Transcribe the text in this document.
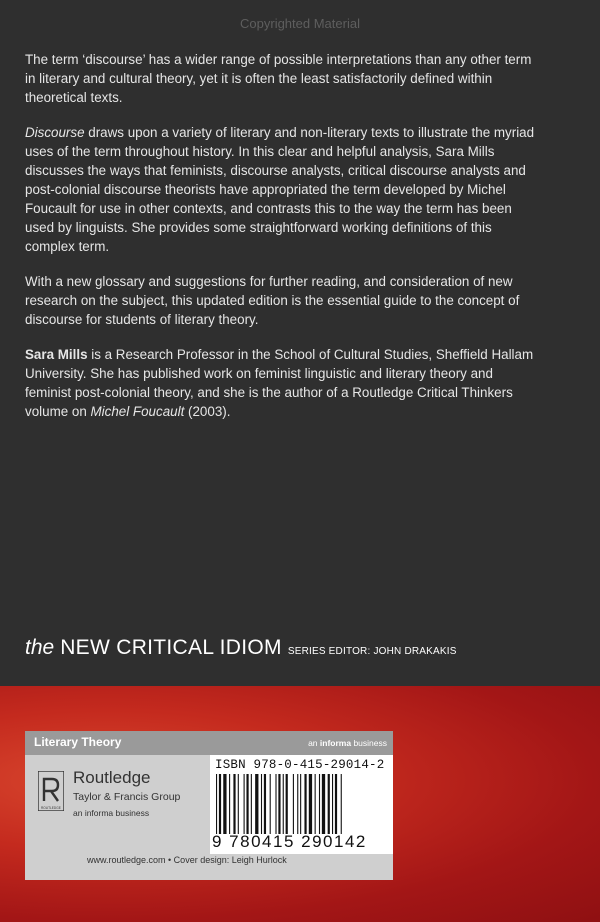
Copyrighted Material

The term ‘discourse’ has a wider range of possible interpretations than any other term in literary and cultural theory, yet it is often the least satisfactorily defined within theoretical texts.

Discourse draws upon a variety of literary and non-literary texts to illustrate the myriad uses of the term throughout history. In this clear and helpful analysis, Sara Mills discusses the ways that feminists, discourse analysts, critical discourse analysts and post-colonial discourse theorists have appropriated the term developed by Michel Foucault for use in other contexts, and contrasts this to the way the term has been used by linguists. She provides some straightforward working definitions of this complex term.

With a new glossary and suggestions for further reading, and consideration of new research on the subject, this updated edition is the essential guide to the concept of discourse for students of literary theory.

Sara Mills is a Research Professor in the School of Cultural Studies, Sheffield Hallam University. She has published work on feminist linguistic and literary theory and feminist post-colonial theory, and she is the author of a Routledge Critical Thinkers volume on Michel Foucault (2003).

the NEW CRITICAL IDIOM SERIES EDITOR: JOHN DRAKAKIS
Literary Theory	an informa business
ROUTLEDGE
Routledge
Taylor & Francis Group
an informa business
ISBN 978-0-415-29014-2
9 780415 290142
www.routledge.com • Cover design: Leigh Hurlock
